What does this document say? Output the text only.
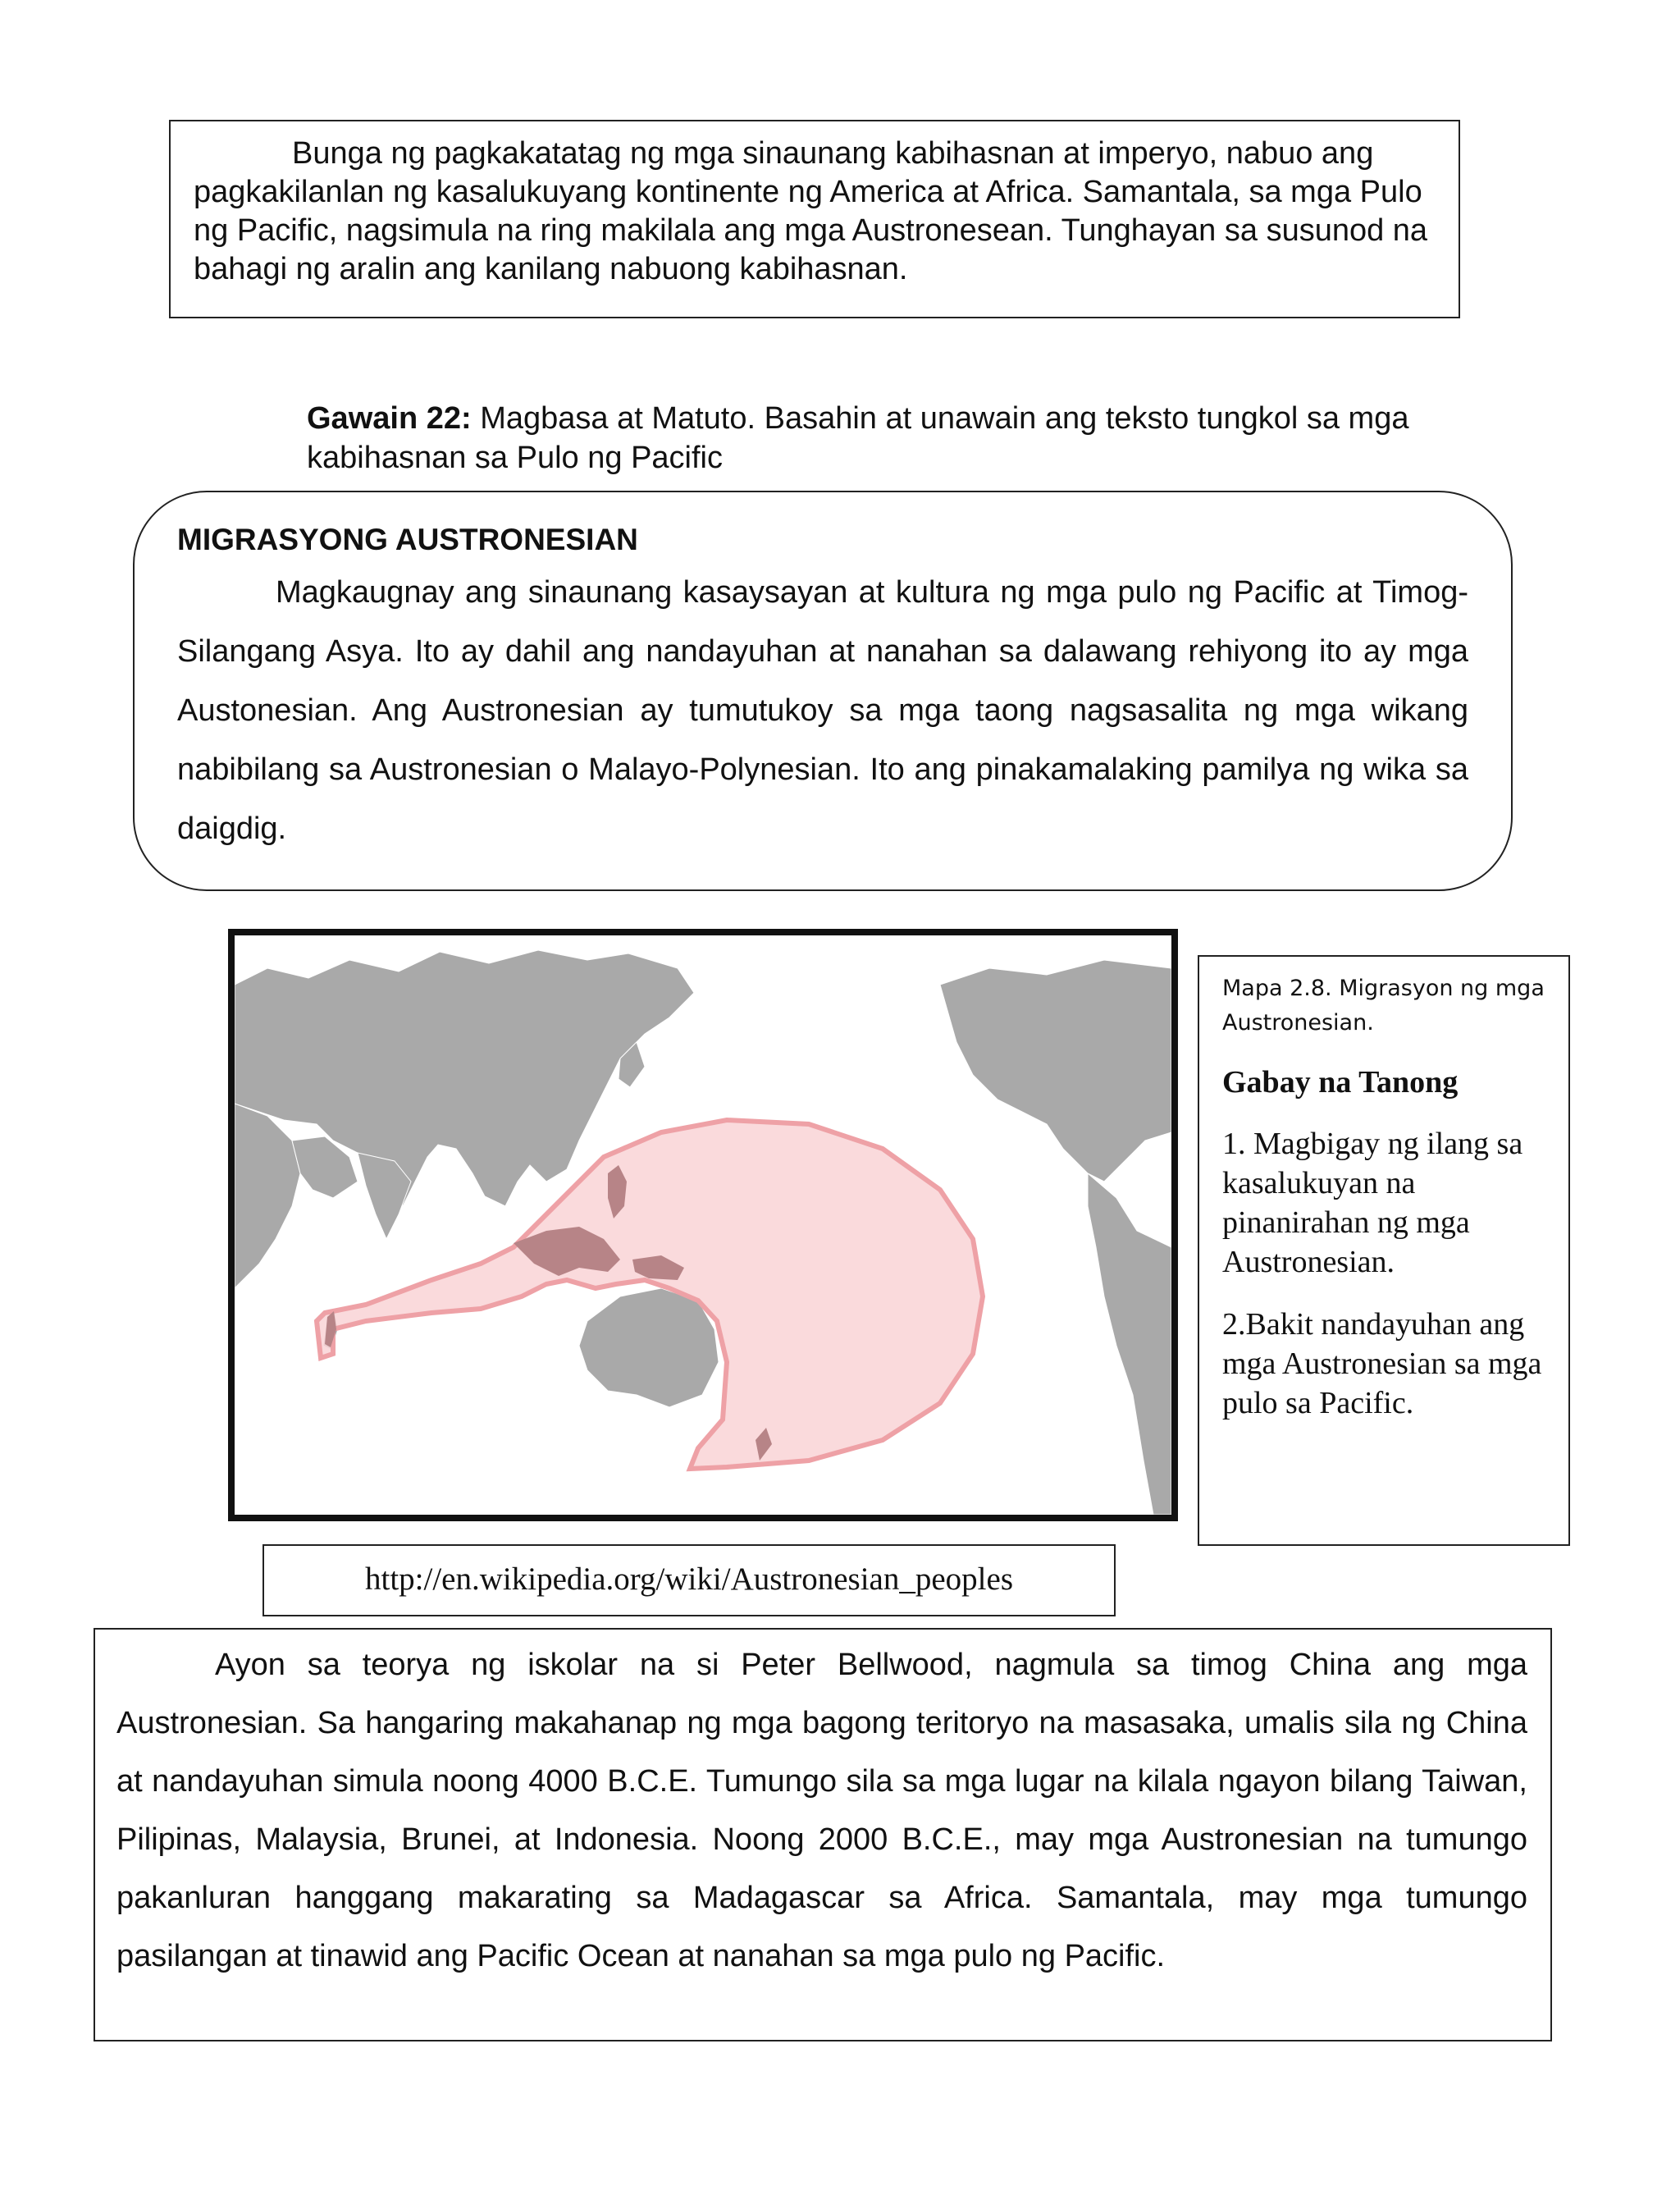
Bunga ng pagkakatatag ng mga sinaunang kabihasnan at imperyo, nabuo ang pagkakilanlan ng kasalukuyang kontinente ng America at Africa. Samantala, sa mga Pulo ng Pacific, nagsimula na ring makilala ang mga Austronesean. Tunghayan sa susunod na bahagi ng aralin ang kanilang nabuong kabihasnan.
Gawain 22: Magbasa at Matuto. Basahin at unawain ang teksto tungkol sa mga kabihasnan sa Pulo ng Pacific
MIGRASYONG AUSTRONESIAN
Magkaugnay ang sinaunang kasaysayan at kultura ng mga pulo ng Pacific at Timog-Silangang Asya. Ito ay dahil ang nandayuhan at nanahan sa dalawang rehiyong ito ay mga Austonesian. Ang Austronesian ay tumutukoy sa mga taong nagsasalita ng mga wikang nabibilang sa Austronesian o Malayo-Polynesian. Ito ang pinakamalaking pamilya ng wika sa daigdig.
Mapa 2.8. Migrasyon ng mga Austronesian.
Gabay na Tanong
1. Magbigay ng ilang sa kasalukuyan na pinanirahan ng mga Austronesian.
2.Bakit nandayuhan ang mga Austronesian sa mga pulo sa Pacific.
http://en.wikipedia.org/wiki/Austronesian_peoples
Ayon sa teorya ng iskolar na si Peter Bellwood, nagmula sa timog China ang mga Austronesian. Sa hangaring makahanap ng mga bagong teritoryo na masasaka, umalis sila ng China at nandayuhan simula noong 4000 B.C.E. Tumungo sila sa mga lugar na kilala ngayon bilang Taiwan, Pilipinas, Malaysia, Brunei, at Indonesia. Noong 2000 B.C.E., may mga Austronesian na tumungo pakanluran hanggang makarating sa Madagascar sa Africa. Samantala, may mga tumungo pasilangan at tinawid ang Pacific Ocean at nanahan sa mga pulo ng Pacific.
